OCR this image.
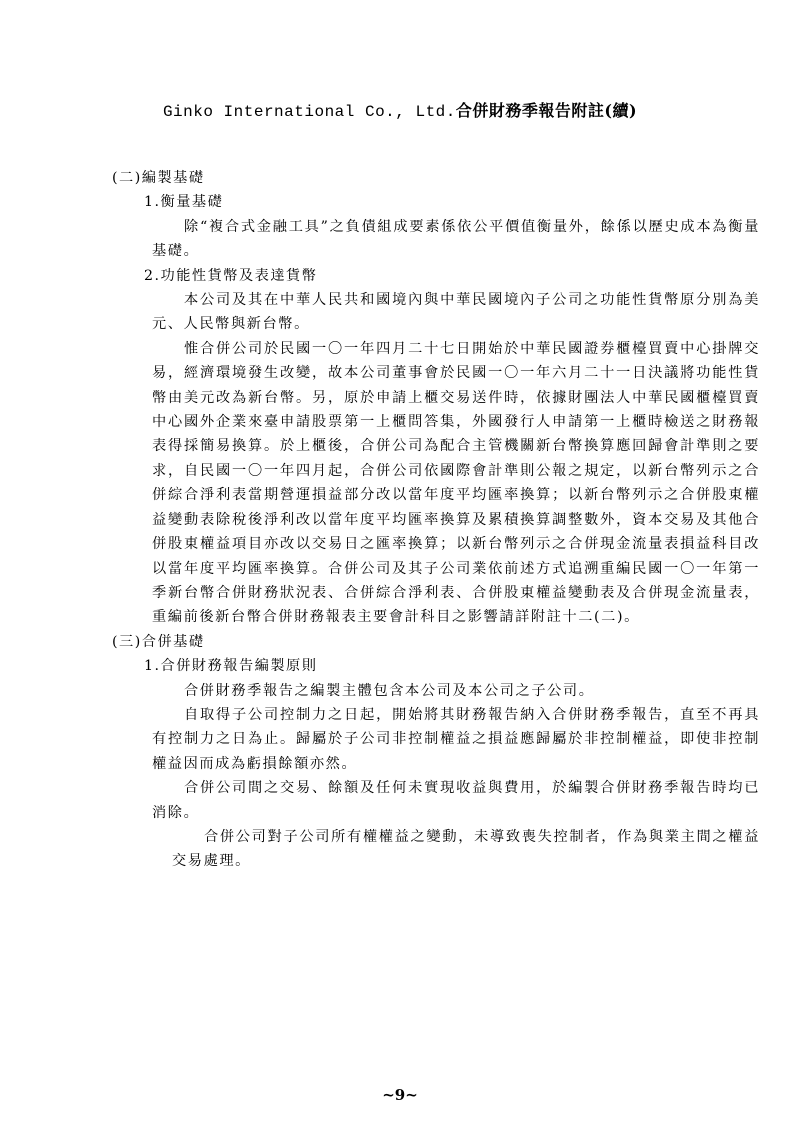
Ginko International Co., Ltd.合併財務季報告附註(續)

(二)編製基礎

1.衡量基礎

除“複合式金融工具”之負債組成要素係依公平價值衡量外，餘係以歷史成本為衡量基礎。

2.功能性貨幣及表達貨幣

本公司及其在中華人民共和國境內與中華民國境內子公司之功能性貨幣原分別為美元、人民幣與新台幣。

惟合併公司於民國一〇一年四月二十七日開始於中華民國證券櫃檯買賣中心掛牌交易，經濟環境發生改變，故本公司董事會於民國一〇一年六月二十一日決議將功能性貨幣由美元改為新台幣。另，原於申請上櫃交易送件時，依據財團法人中華民國櫃檯買賣中心國外企業來臺申請股票第一上櫃問答集，外國發行人申請第一上櫃時檢送之財務報表得採簡易換算。於上櫃後，合併公司為配合主管機關新台幣換算應回歸會計準則之要求，自民國一〇一年四月起，合併公司依國際會計準則公報之規定，以新台幣列示之合併綜合淨利表當期營運損益部分改以當年度平均匯率換算；以新台幣列示之合併股東權益變動表除稅後淨利改以當年度平均匯率換算及累積換算調整數外，資本交易及其他合併股東權益項目亦改以交易日之匯率換算；以新台幣列示之合併現金流量表損益科目改以當年度平均匯率換算。合併公司及其子公司業依前述方式追溯重編民國一〇一年第一季新台幣合併財務狀況表、合併綜合淨利表、合併股東權益變動表及合併現金流量表，重編前後新台幣合併財務報表主要會計科目之影響請詳附註十二(二)。

(三)合併基礎

1.合併財務報告編製原則

合併財務季報告之編製主體包含本公司及本公司之子公司。

自取得子公司控制力之日起，開始將其財務報告納入合併財務季報告，直至不再具有控制力之日為止。歸屬於子公司非控制權益之損益應歸屬於非控制權益，即使非控制權益因而成為虧損餘額亦然。

合併公司間之交易、餘額及任何未實現收益與費用，於編製合併財務季報告時均已消除。

合併公司對子公司所有權權益之變動，未導致喪失控制者，作為與業主間之權益交易處理。

~9~
